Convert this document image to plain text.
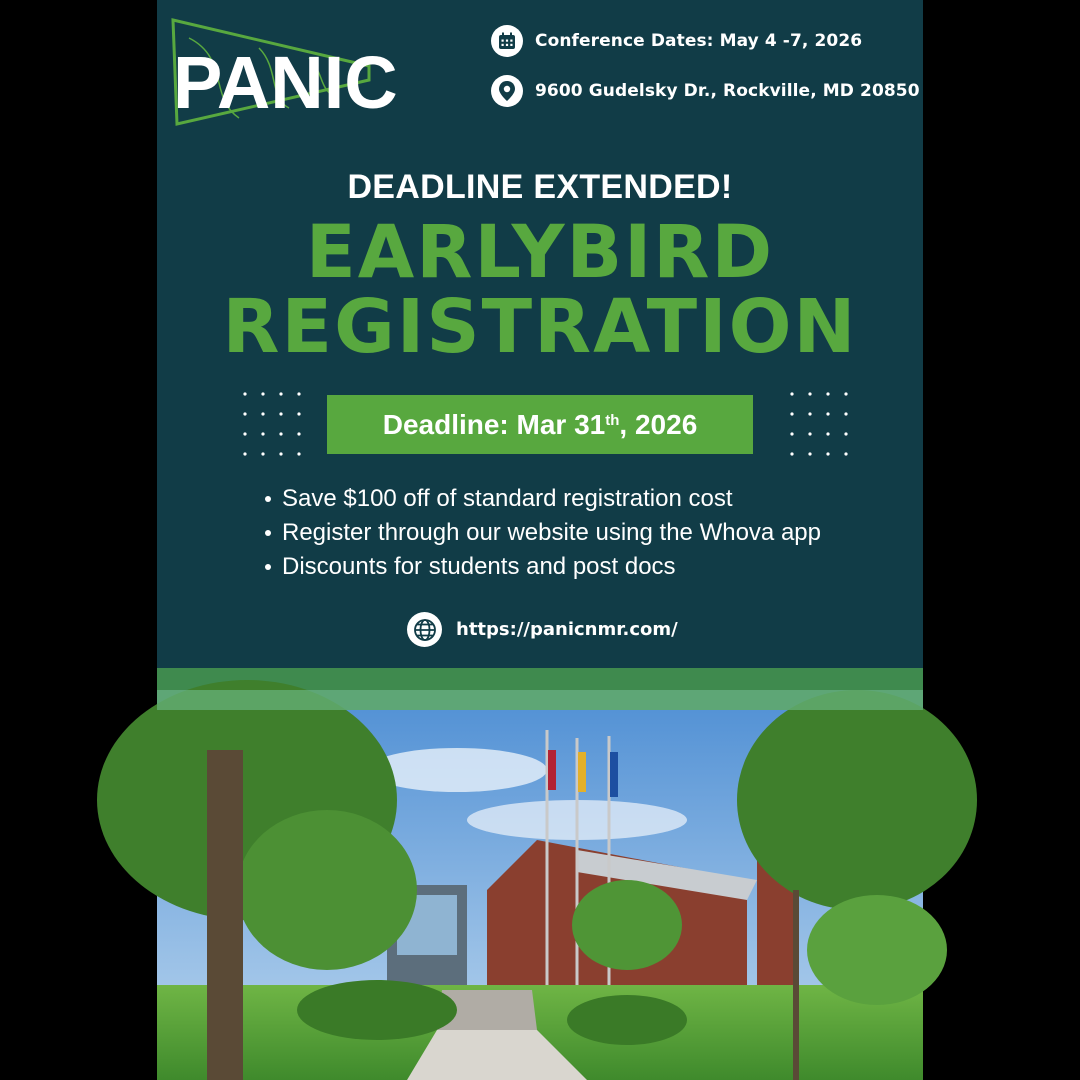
PANIC	Conference Dates: May 4 -7, 2026
9600 Gudelsky Dr., Rockville, MD 20850
DEADLINE EXTENDED!
EARLYBIRD
REGISTRATION
Deadline: Mar 31th , 2026
Save $100 off of standard registration cost
Register through our website using the Whova app
Discounts for students and post docs
https://panicnmr.com/
